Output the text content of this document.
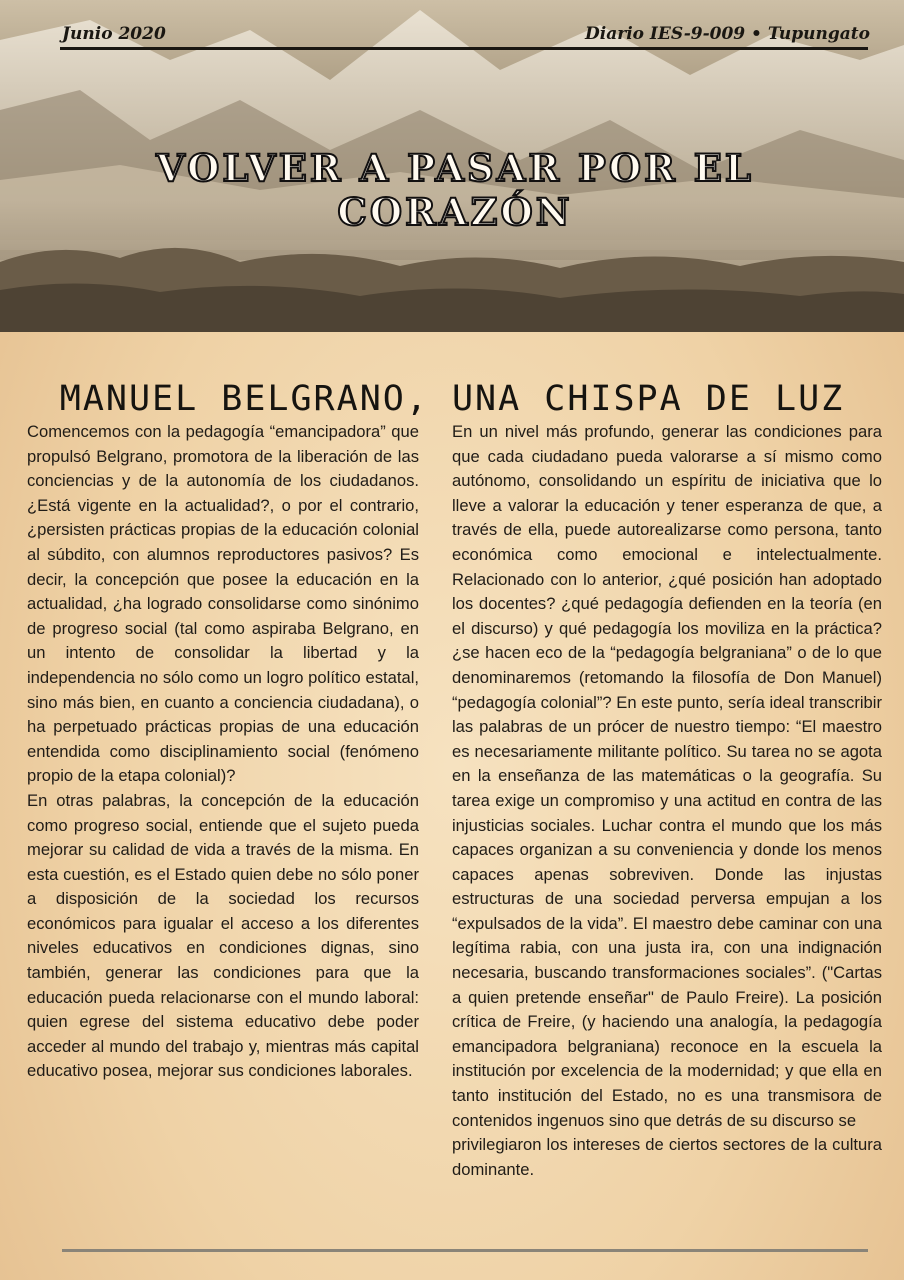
Junio 2020	Diario IES-9-009 • Tupungato
VOLVER A PASAR POR EL
CORAZÓN
MANUEL BELGRANO, UNA CHISPA DE LUZ

Comencemos con la pedagogía “emancipadora” que propulsó Belgrano, promotora de la liberación de las conciencias y de la autonomía de los ciudadanos. ¿Está vigente en la actualidad?, o por el contrario, ¿persisten prácticas propias de la educación colonial al súbdito, con alumnos reproductores pasivos? Es decir, la concepción que posee la educación en la actualidad, ¿ha logrado consolidarse como sinónimo de progreso social (tal como aspiraba Belgrano, en un intento de consolidar la libertad y la independencia no sólo como un logro político estatal, sino más bien, en cuanto a conciencia ciudadana), o ha perpetuado prácticas propias de una educación entendida como disciplinamiento social (fenómeno propio de la etapa colonial)?

En otras palabras, la concepción de la educación como progreso social, entiende que el sujeto pueda mejorar su calidad de vida a través de la misma. En esta cuestión, es el Estado quien debe no sólo poner a disposición de la sociedad los recursos económicos para igualar el acceso a los diferentes niveles educativos en condiciones dignas, sino también, generar las condiciones para que la educación pueda relacionarse con el mundo laboral: quien egrese del sistema educativo debe poder acceder al mundo del trabajo y, mientras más capital educativo posea, mejorar sus condiciones laborales.

En un nivel más profundo, generar las condiciones para que cada ciudadano pueda valorarse a sí mismo como autónomo, consolidando un espíritu de iniciativa que lo lleve a valorar la educación y tener esperanza de que, a través de ella, puede autorealizarse como persona, tanto económica como emocional e intelectualmente. Relacionado con lo anterior, ¿qué posición han adoptado los docentes? ¿qué pedagogía defienden en la teoría (en el discurso) y qué pedagogía los moviliza en la práctica? ¿se hacen eco de la “pedagogía belgraniana” o de lo que denominaremos (retomando la filosofía de Don Manuel) “pedagogía colonial”? En este punto, sería ideal transcribir las palabras de un prócer de nuestro tiempo: “El maestro es necesariamente militante político. Su tarea no se agota en la enseñanza de las matemáticas o la geografía. Su tarea exige un compromiso y una actitud en contra de las injusticias sociales. Luchar contra el mundo que los más capaces organizan a su conveniencia y donde los menos capaces apenas sobreviven. Donde las injustas estructuras de una sociedad perversa empujan a los “expulsados de la vida”. El maestro debe caminar con una legítima rabia, con una justa ira, con una indignación necesaria, buscando transformaciones sociales”. ("Cartas a quien pretende enseñar" de Paulo Freire). La posición crítica de Freire, (y haciendo una analogía, la pedagogía emancipadora belgraniana) reconoce en la escuela la institución por excelencia de la modernidad; y que ella en tanto institución del Estado, no es una transmisora de contenidos ingenuos sino que detrás de su discurso se

privilegiaron los intereses de ciertos sectores de la cultura dominante.
